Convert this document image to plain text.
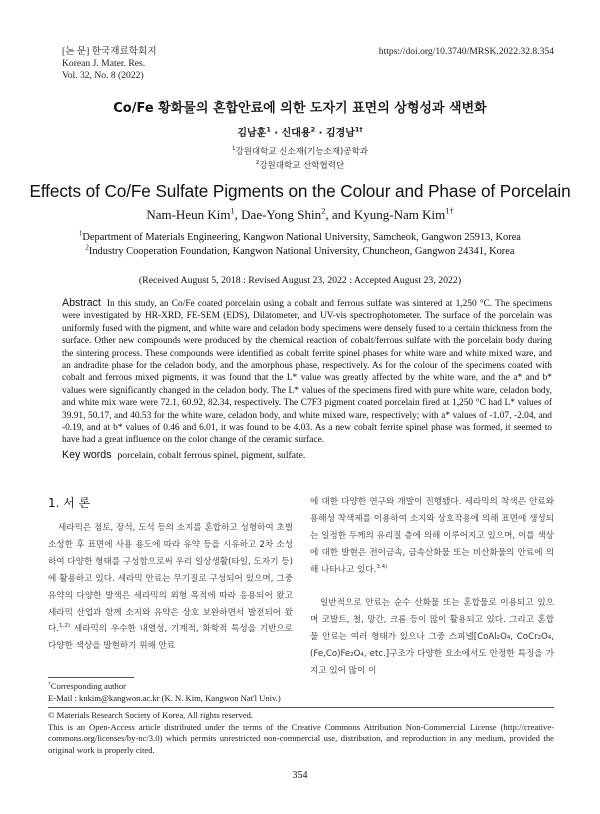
[논 문] 한국재료학회지
Korean J. Mater. Res.
Vol. 32, No. 8 (2022)
https://doi.org/10.3740/MRSK.2022.32.8.354
Co/Fe 황화물의 혼합안료에 의한 도자기 표면의 상형성과 색변화
김남훈$^1$ · 신대용$^2$ · 김경남$^{1\dagger}$
$^1$강원대학교 신소재(기능소재)공학과
$^2$강원대학교 산학협력단
Effects of Co/Fe Sulfate Pigments on the Colour and Phase of Porcelain
Nam-Heun Kim$^1$, Dae-Yong Shin$^2$, and Kyung-Nam Kim$^{1\dagger}$
$^1$Department of Materials Engineering, Kangwon National University, Samcheok, Gangwon 25913, Korea
$^2$Industry Cooperation Foundation, Kangwon National University, Chuncheon, Gangwon 24341, Korea
(Received August 5, 2018 : Revised August 23, 2022 : Accepted August 23, 2022)
Abstract In this study, an Co/Fe coated porcelain using a cobalt and ferrous sulfate was sintered at 1,250 °C. The specimens were investigated by HR-XRD, FE-SEM (EDS), Dilatometer, and UV-vis spectrophotometer. The surface of the porcelain was uniformly fused with the pigment, and white ware and celadon body specimens were densely fused to a certain thickness from the surface. Other new compounds were produced by the chemical reaction of cobalt/ferrous sulfate with the porcelain body during the sintering process. These compounds were identified as cobalt ferrite spinel phases for white ware and white mixed ware, and an andradite phase for the celadon body, and the amorphous phase, respectively. As for the colour of the specimens coated with cobalt and ferrous mixed pigments, it was found that the L* value was greatly affected by the white ware, and the a* and b* values were significantly changed in the celadon body. The L* values of the specimens fired with pure white ware, celadon body, and white mix ware were 72.1, 60.92, 82.34, respectively. The C7F3 pigment coated porcelain fired at 1,250 °C had L* values of 39.91, 50.17, and 40.53 for the white ware, celadon body, and white mixed ware, respectively; with a* values of -1.07, -2.04, and -0.19, and at b* values of 0.46 and 6.01, it was found to be 4.03. As a new cobalt ferrite spinel phase was formed, it seemed to have had a great influence on the color change of the ceramic surface.
Key words porcelain, cobalt ferrous spinel, pigment, sulfate.
1. 서 론
세라믹은 점토, 장석, 도석 등의 소지를 혼합하고 성형하여 초벌 소성한 후 표면에 사용 용도에 따라 유약 등을 시유하고 2차 소성 하여 다양한 형태를 구성함으로써 우리 일상생활(타일, 도자기 등)에 활용하고 있다. 세라믹 안료는 무기질로 구성되어 있으며, 그중 유약의 다양한 발색은 세라믹의 외형 목적에 따라 응용되어 왔고 세라믹 산업과 함께 소지와 유약은 상호 보완하면서 발전되어 왔다.$^{1,2)}$ 세라믹의 우수한 내열성, 기계적, 화학적 특성을 기반으로 다양한 색상을 발현하기 위해 안료
에 대한 다양한 연구와 개발이 진행됐다. 세라믹의 착색은 안료와 용해성 착색제를 이용하여 소지와 상호작용에 의해 표면에 생성되는 일정한 두께의 유리질 층에 의해 이루어지고 있으며, 이를 색상에 대한 발현은 전이금속, 금속산화물 또는 비산화물의 안료에 의해 나타나고 있다.$^{3,4)}$
일반적으로 안료는 순수 산화물 또는 혼합물로 이용되고 있으며 코발트, 철, 망간, 크롬 등이 많이 활용되고 있다. 그리고 혼합물 안료는 여러 형태가 있으나 그중 스피넬[CoAl₂O₄, CoCr₂O₄, (Fe,Co)Fe₂O₄, etc.]구조가 다양한 요소에서도 안정한 특징을 가지고 있어 많이 이
†Corresponding author
E-Mail : knkim@kangwon.ac.kr (K. N. Kim, Kangwon Nat'l Univ.)
© Materials Research Society of Korea, All rights reserved.
This is an Open-Access article distributed under the terms of the Creative Commons Attribution Non-Commercial License (http://creative-commons.org/licenses/by-nc/3.0) which permits unrestricted non-commercial use, distribution, and reproduction in any medium, provided the original work is properly cited.
354
